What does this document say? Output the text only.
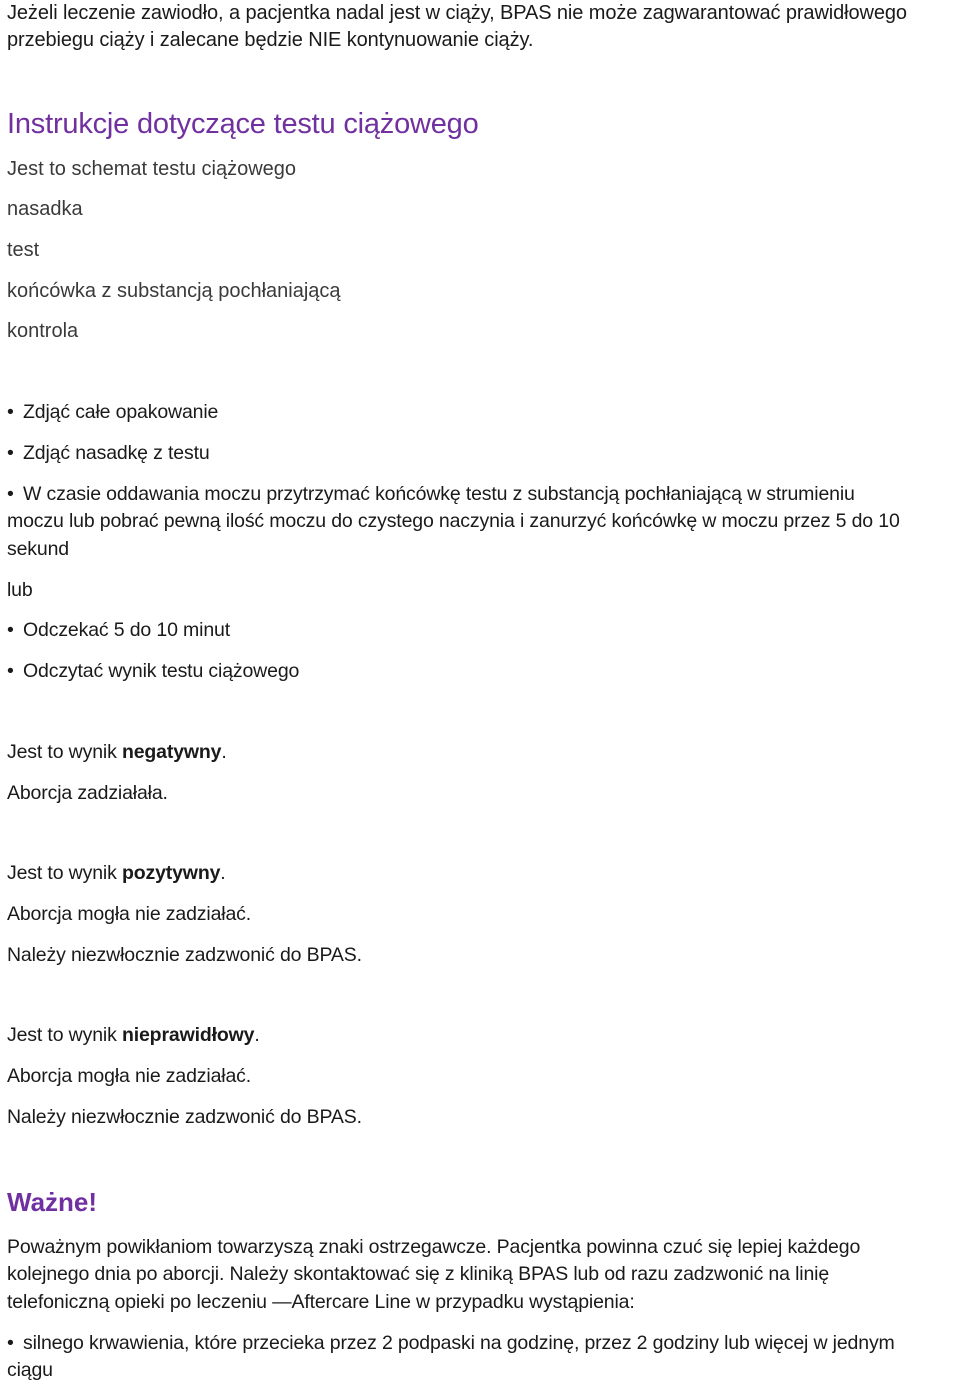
Jeżeli leczenie zawiodło, a pacjentka nadal jest w ciąży, BPAS nie może zagwarantować prawidłowego
przebiegu ciąży i zalecane będzie NIE kontynuowanie ciąży.
Instrukcje dotyczące testu ciążowego
Jest to schemat testu ciążowego
nasadka
test
końcówka z substancją pochłaniającą
kontrola
• Zdjąć całe opakowanie
• Zdjąć nasadkę z testu
• W czasie oddawania moczu przytrzymać końcówkę testu z substancją pochłaniającą w strumieniu
moczu lub pobrać pewną ilość moczu do czystego naczynia i zanurzyć końcówkę w moczu przez 5 do 10
sekund
lub
• Odczekać 5 do 10 minut
• Odczytać wynik testu ciążowego
Jest to wynik negatywny.
Aborcja zadziałała.
Jest to wynik pozytywny.
Aborcja mogła nie zadziałać.
Należy niezwłocznie zadzwonić do BPAS.
Jest to wynik nieprawidłowy.
Aborcja mogła nie zadziałać.
Należy niezwłocznie zadzwonić do BPAS.
Ważne!
Poważnym powikłaniom towarzyszą znaki ostrzegawcze. Pacjentka powinna czuć się lepiej każdego
kolejnego dnia po aborcji. Należy skontaktować się z kliniką BPAS lub od razu zadzwonić na linię
telefoniczną opieki po leczeniu —Aftercare Line w przypadku wystąpienia:
• silnego krwawienia, które przecieka przez 2 podpaski na godzinę, przez 2 godziny lub więcej w jednym
ciągu
